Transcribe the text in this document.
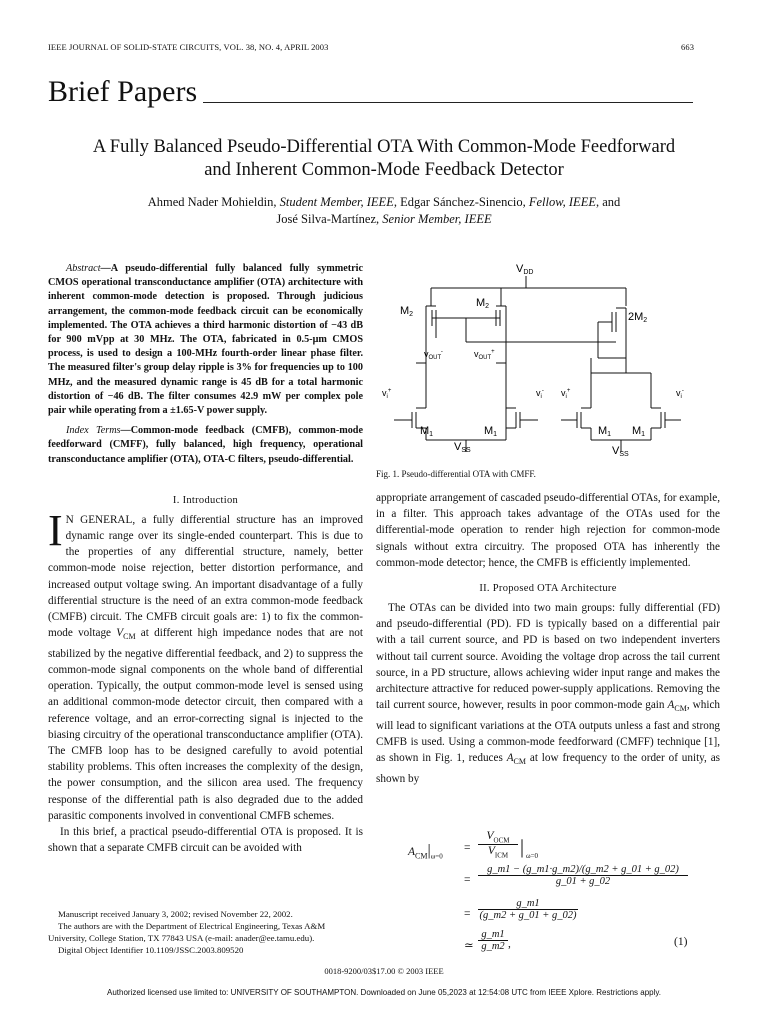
IEEE JOURNAL OF SOLID-STATE CIRCUITS, VOL. 38, NO. 4, APRIL 2003	663
Brief Papers
A Fully Balanced Pseudo-Differential OTA With Common-Mode Feedforward
and Inherent Common-Mode Feedback Detector
Ahmed Nader Mohieldin, Student Member, IEEE, Edgar Sánchez-Sinencio, Fellow, IEEE, and
José Silva-Martínez, Senior Member, IEEE
Abstract—A pseudo-differential fully balanced fully symmetric CMOS operational transconductance amplifier (OTA) architecture with inherent common-mode detection is proposed. Through judicious arrangement, the common-mode feedback circuit can be economically implemented. The OTA achieves a third harmonic distortion of −43 dB for 900 mVpp at 30 MHz. The OTA, fabricated in 0.5-μm CMOS process, is used to design a 100-MHz fourth-order linear phase filter. The measured filter's group delay ripple is 3% for frequencies up to 100 MHz, and the measured dynamic range is 45 dB for a total harmonic distortion of −46 dB. The filter consumes 42.9 mW per complex pole pair while operating from a ±1.65-V power supply.
Index Terms—Common-mode feedback (CMFB), common-mode feedforward (CMFF), fully balanced, high frequency, operational transconductance amplifier (OTA), OTA-C filters, pseudo-differential.
I. Introduction
I N GENERAL, a fully differential structure has an improved dynamic range over its single-ended counterpart. This is due to the properties of any differential structure, namely, better common-mode noise rejection, better distortion performance, and increased output voltage swing. An important disadvantage of a fully differential structure is the need of an extra common-mode feedback (CMFB) circuit. The CMFB circuit goals are: 1) to fix the common-mode voltage $V_{CM}$ at different high impedance nodes that are not stabilized by the negative differential feedback, and 2) to suppress the common-mode signal components on the whole band of differential operation. Typically, the output common-mode level is sensed using an additional common-mode detector circuit, then compared with a reference voltage, and an error-correcting signal is injected to the biasing circuitry of the operational transconductance amplifier (OTA). The CMFB loop has to be designed carefully to avoid potential stability problems. This often increases the complexity of the design, the power consumption, and the silicon area used. The frequency response of the differential path is also degraded due to the added parasitic components involved in conventional CMFB schemes.
In this brief, a practical pseudo-differential OTA is proposed. It is shown that a separate CMFB circuit can be avoided with
Manuscript received January 3, 2002; revised November 22, 2002.
The authors are with the Department of Electrical Engineering, Texas A&M University, College Station, TX 77843 USA (e-mail: anader@ee.tamu.edu).
Digital Object Identifier 10.1109/JSSC.2003.809520
VDD
M2
M2
2M2
$v_{OUT}^-$	$v_{OUT}^+$
$v_i^+$	$v_i^-$ $v_i^+$	$v_i^-$
M1	M1	M1 M1
VSS	VSS
Fig. 1. Pseudo-differential OTA with CMFF.
appropriate arrangement of cascaded pseudo-differential OTAs, for example, in a filter. This approach takes advantage of the OTAs used for the differential-mode operation to render high rejection for common-mode signals without extra circuitry. The proposed OTA has inherently the common-mode detector; hence, the CMFB is efficiently implemented.
II. Proposed OTA Architecture
The OTAs can be divided into two main groups: fully differential (FD) and pseudo-differential (PD). FD is typically based on a differential pair with a tail current source, and PD is based on two independent inverters without tail current source. Avoiding the voltage drop across the tail current source, in a PD structure, allows achieving wider input range and makes the architecture attractive for reduced power-supply applications. Removing the tail current source, however, results in poor common-mode gain $A_{CM}$, which will lead to significant variations at the OTA outputs unless a fast and strong CMFB is used. Using a common-mode feedforward (CMFF) technique [1], as shown in Fig. 1, reduces $A_{CM}$ at low frequency to the order of unity, as shown by
$A_{CM}|_{\omega=0}$
=
$V_{OCM}$
$V_{ICM}$ | ω=0
= $\frac{g\_m1 - (g\_m1\cdot g\_m2)/(g\_m2 + g\_01 + g\_02)}{g\_01 + g\_02}$
= $\frac{g\_m1}{(g\_m2 + g\_01 + g\_02)}$
≃ $\frac{g\_m1}{g\_m2}$ ,	(1)
0018-9200/03$17.00 © 2003 IEEE
Authorized licensed use limited to: UNIVERSITY OF SOUTHAMPTON. Downloaded on June 05,2023 at 12:54:08 UTC from IEEE Xplore. Restrictions apply.
